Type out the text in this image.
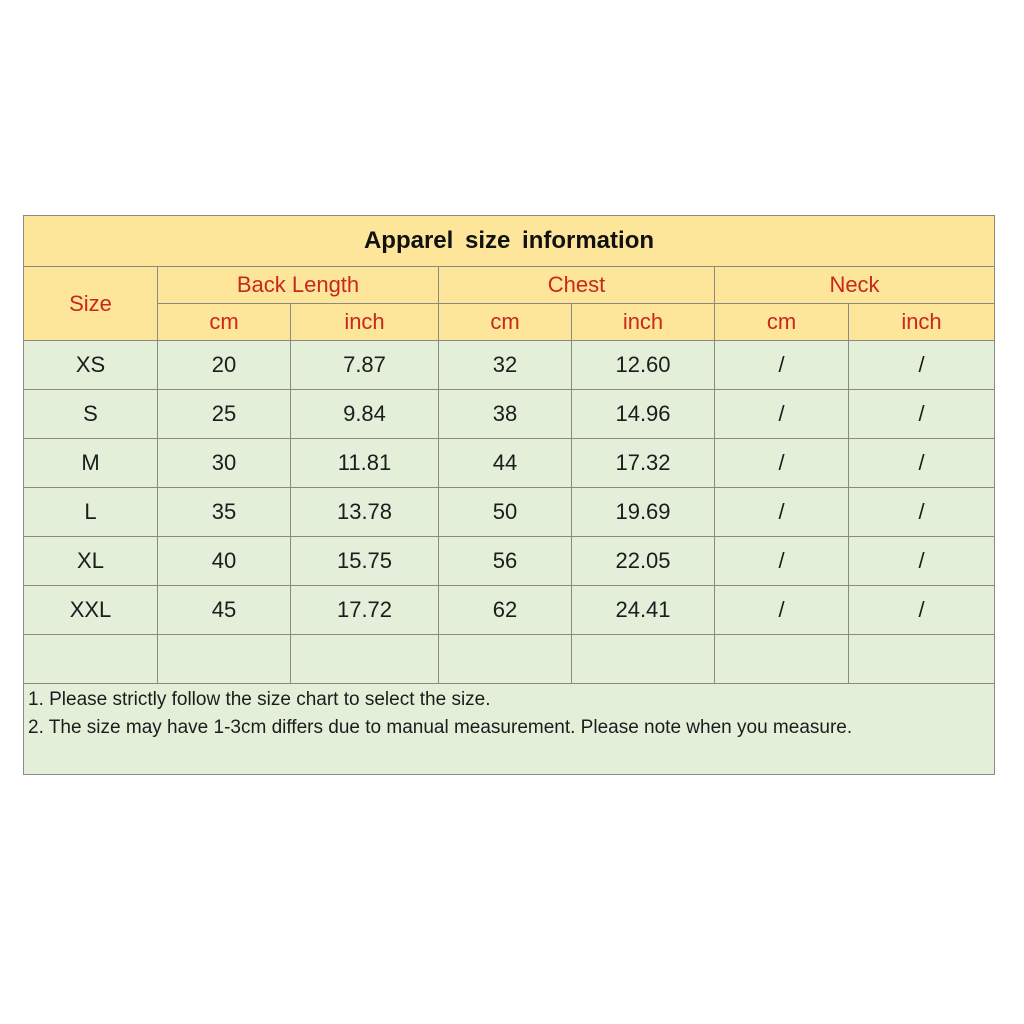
Apparel size information						
Size	Back Length		Chest		Neck	
	cm	inch	cm	inch	cm	inch
XS	20	7.87	32	12.60	/	/
S	25	9.84	38	14.96	/	/
M	30	11.81	44	17.32	/	/
L	35	13.78	50	19.69	/	/
XL	40	15.75	56	22.05	/	/
XXL	45	17.72	62	24.41	/	/

1. Please strictly follow the size chart to select the size.
2. The size may have 1-3cm differs due to manual measurement. Please note when you measure.						
